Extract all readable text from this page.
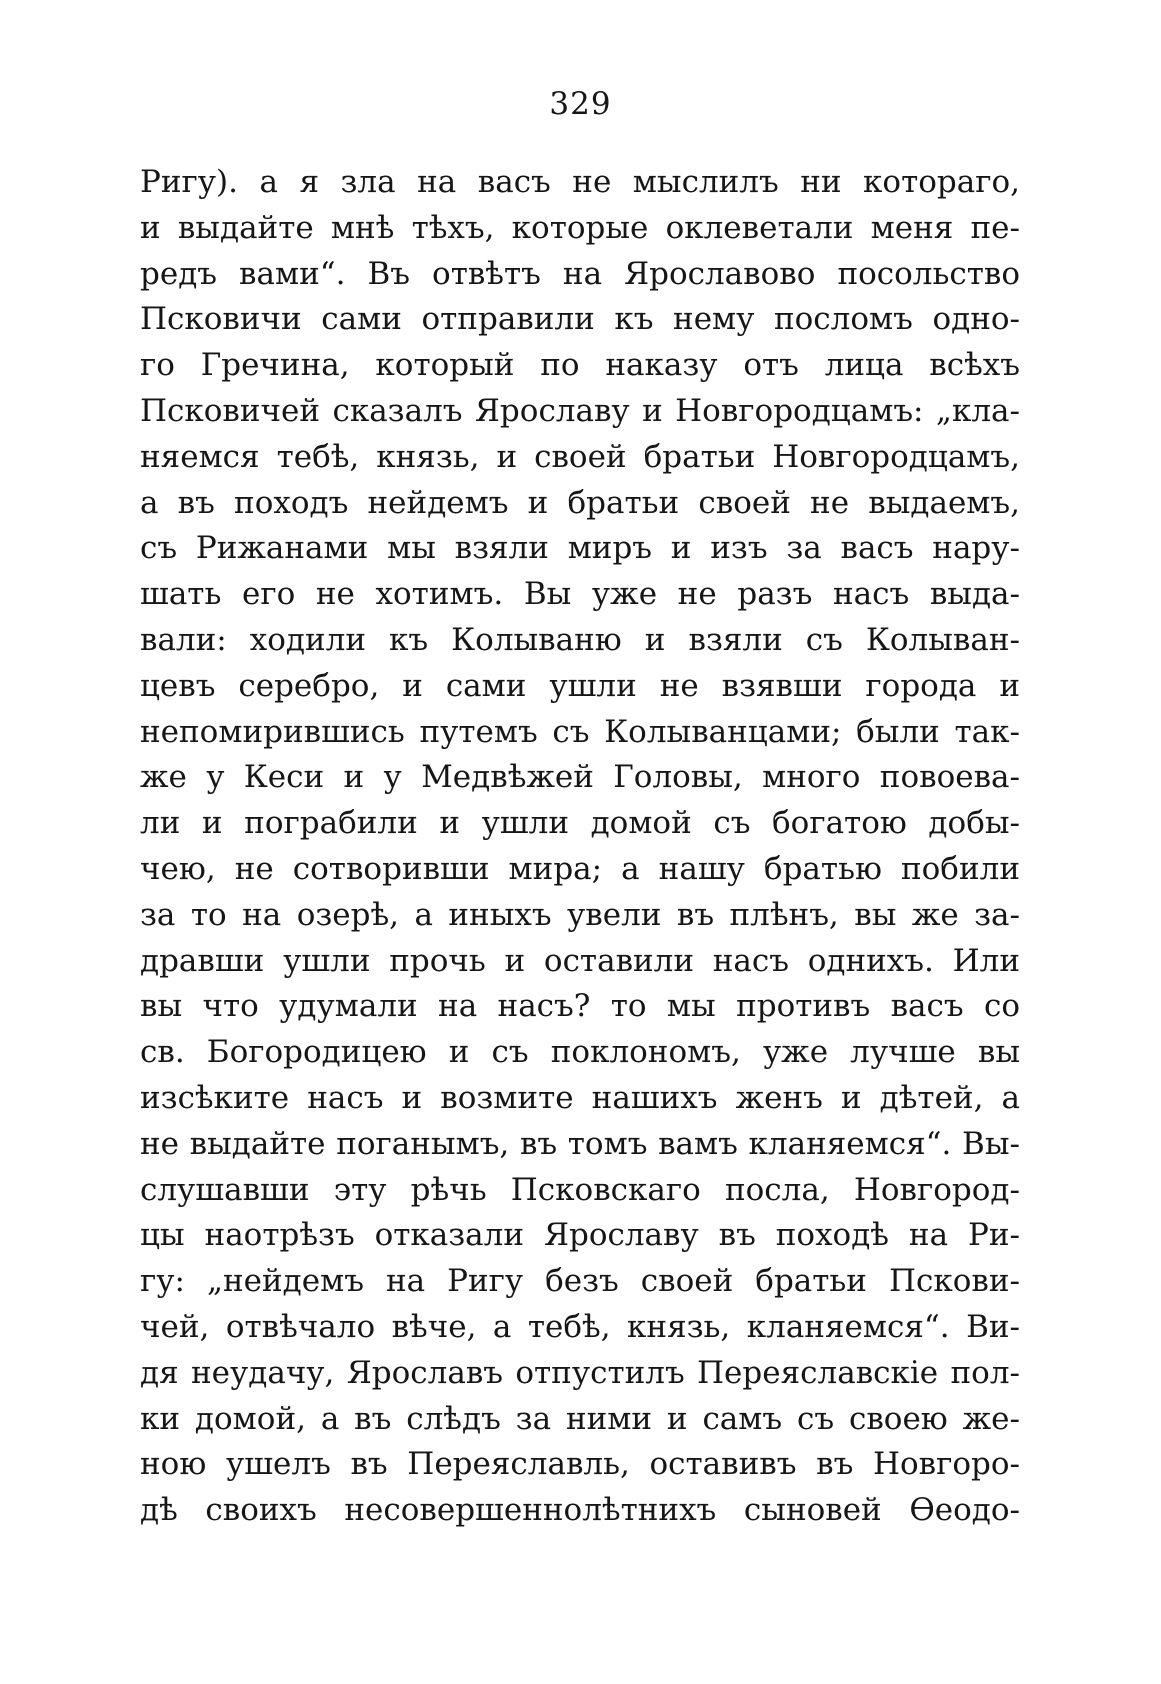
329
Ригу). а я зла на васъ не мыслилъ ни котораго,
и выдайте мнѣ тѣхъ, которые оклеветали меня пе-
редъ вами“. Въ отвѣтъ на Ярославово посольство
Псковичи сами отправили къ нему посломъ одно-
го Гречина, который по наказу отъ лица всѣхъ
Псковичей сказалъ Ярославу и Новгородцамъ: „кла-
няемся тебѣ, князь, и своей братьи Новгородцамъ,
а въ походъ нейдемъ и братьи своей не выдаемъ,
съ Рижанами мы взяли миръ и изъ за васъ нару-
шать его не хотимъ. Вы уже не разъ насъ выда-
вали: ходили къ Колываню и взяли съ Колыван-
цевъ серебро, и сами ушли не взявши города и
непомирившись путемъ съ Колыванцами; были так-
же у Кеси и у Медвѣжей Головы, много повоева-
ли и пограбили и ушли домой съ богатою добы-
чею, не сотворивши мира; а нашу братью побили
за то на озерѣ, а иныхъ увели въ плѣнъ, вы же за-
дравши ушли прочь и оставили насъ однихъ. Или
вы что удумали на насъ? то мы противъ васъ со
св. Богородицею и съ поклономъ, уже лучше вы
изсѣките насъ и возмите нашихъ женъ и дѣтей, а
не выдайте поганымъ, въ томъ вамъ кланяемся“. Вы-
слушавши эту рѣчь Псковскаго посла, Новгород-
цы наотрѣзъ отказали Ярославу въ походѣ на Ри-
гу: „нейдемъ на Ригу безъ своей братьи Пскови-
чей, отвѣчало вѣче, а тебѣ, князь, кланяемся“. Ви-
дя неудачу, Ярославъ отпустилъ Переяславскіе пол-
ки домой, а въ слѣдъ за ними и самъ съ своею же-
ною ушелъ въ Переяславль, оставивъ въ Новгоро-
дѣ своихъ несовершеннолѣтнихъ сыновей Ѳеодо-
